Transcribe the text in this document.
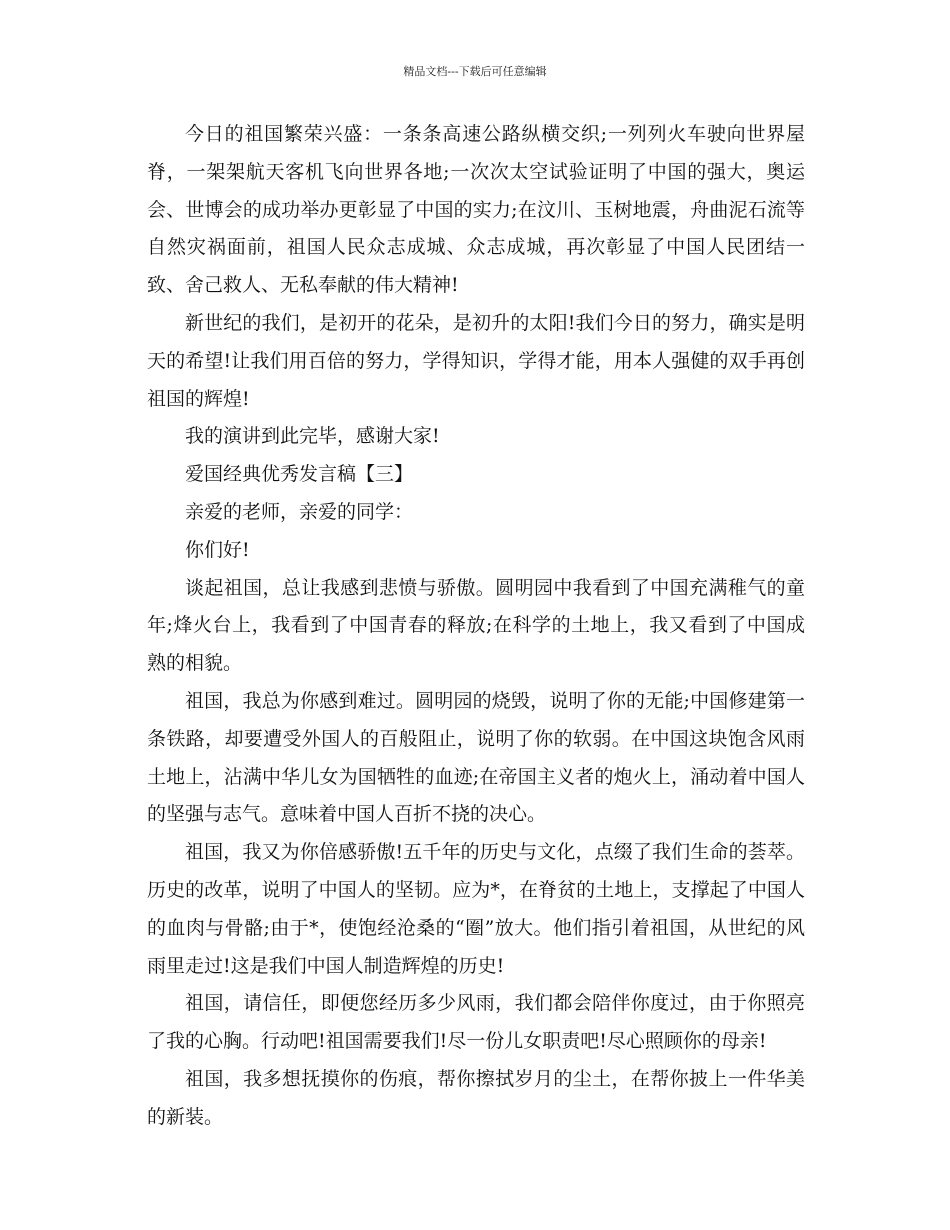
精品文档---下载后可任意编辑

今日的祖国繁荣兴盛：一条条高速公路纵横交织;一列列火车驶向世界屋脊，一架架航天客机飞向世界各地;一次次太空试验证明了中国的强大，奥运会、世博会的成功举办更彰显了中国的实力;在汶川、玉树地震，舟曲泥石流等自然灾祸面前，祖国人民众志成城、众志成城，再次彰显了中国人民团结一致、舍己救人、无私奉献的伟大精神!

新世纪的我们，是初开的花朵，是初升的太阳!我们今日的努力，确实是明天的希望!让我们用百倍的努力，学得知识，学得才能，用本人强健的双手再创祖国的辉煌!

我的演讲到此完毕，感谢大家!

爱国经典优秀发言稿【三】

亲爱的老师，亲爱的同学：

你们好!

谈起祖国，总让我感到悲愤与骄傲。圆明园中我看到了中国充满稚气的童年;烽火台上，我看到了中国青春的释放;在科学的土地上，我又看到了中国成熟的相貌。

祖国，我总为你感到难过。圆明园的烧毁，说明了你的无能;中国修建第一条铁路，却要遭受外国人的百般阻止，说明了你的软弱。在中国这块饱含风雨土地上，沾满中华儿女为国牺牲的血迹;在帝国主义者的炮火上，涌动着中国人的坚强与志气。意味着中国人百折不挠的决心。

祖国，我又为你倍感骄傲!五千年的历史与文化，点缀了我们生命的荟萃。历史的改革，说明了中国人的坚韧。应为*，在脊贫的土地上，支撑起了中国人的血肉与骨骼;由于*，使饱经沧桑的“圈”放大。他们指引着祖国，从世纪的风雨里走过!这是我们中国人制造辉煌的历史!

祖国，请信任，即便您经历多少风雨，我们都会陪伴你度过，由于你照亮了我的心胸。行动吧!祖国需要我们!尽一份儿女职责吧!尽心照顾你的母亲!

祖国，我多想抚摸你的伤痕，帮你擦拭岁月的尘土，在帮你披上一件华美的新装。
